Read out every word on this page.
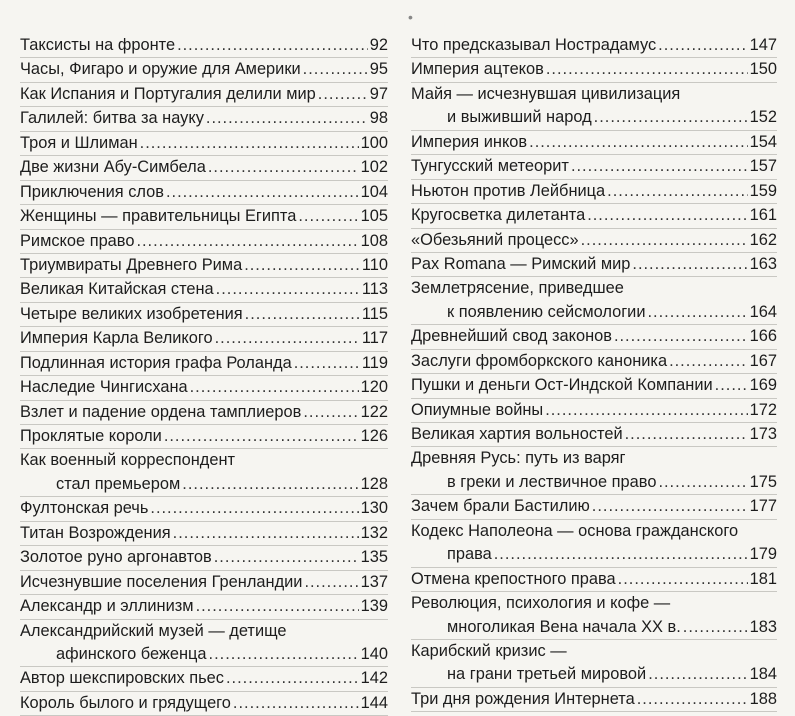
•
Таксисты на фронте .....	92
Часы, Фигаро и оружие для Америки .....	95
Как Испания и Португалия делили мир .....	97
Галилей: битва за науку .....	98
Троя и Шлиман .....	100
Две жизни Абу-Симбела .....	102
Приключения слов .....	104
Женщины — правительницы Египта .....	105
Римское право .....	108
Триумвираты Древнего Рима .....	110
Великая Китайская стена .....	113
Четыре великих изобретения .....	115
Империя Карла Великого .....	117
Подлинная история графа Роланда .....	119
Наследие Чингисхана .....	120
Взлет и падение ордена тамплиеров .....	122
Проклятые короли .....	126
Как военный корреспондент
стал премьером .....	128
Фултонская речь .....	130
Титан Возрождения .....	132
Золотое руно аргонавтов .....	135
Исчезнувшие поселения Гренландии .....	137
Александр и эллинизм .....	139
Александрийский музей — детище
афинского беженца .....	140
Автор шекспировских пьес .....	142
Король былого и грядущего .....	144
Что предсказывал Нострадамус .....	147
Империя ацтеков .....	150
Майя — исчезнувшая цивилизация
и выживший народ .....	152
Империя инков .....	154
Тунгусский метеорит .....	157
Ньютон против Лейбница .....	159
Кругосветка дилетанта .....	161
«Обезьяний процесс» .....	162
Pax Romana — Римский мир .....	163
Землетрясение, приведшее
к появлению сейсмологии .....	164
Древнейший свод законов .....	166
Заслуги фромборкского каноника .....	167
Пушки и деньги Ост-Индской Компании ..... 169
Опиумные войны .....	172
Великая хартия вольностей .....	173
Древняя Русь: путь из варяг
в греки и лествичное право .....	175
Зачем брали Бастилию .....	177
Кодекс Наполеона — основа гражданского
права .....	179
Отмена крепостного права .....	181
Революция, психология и кофе —
многоликая Вена начала XX в. .....	183
Карибский кризис —
на грани третьей мировой .....	184
Три дня рождения Интернета .....	188
